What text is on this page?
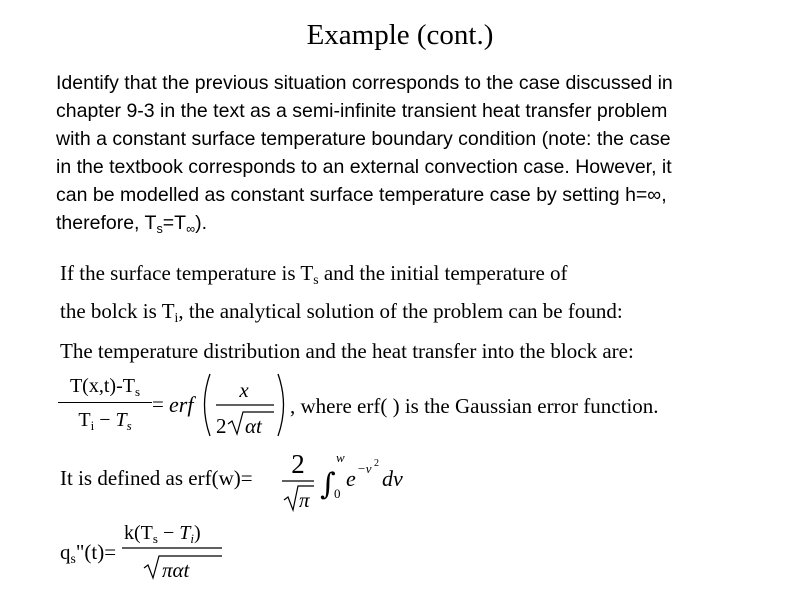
Example (cont.)
Identify that the previous situation corresponds to the case discussed in
chapter 9-3 in the text as a semi-infinite transient heat transfer problem
with a constant surface temperature boundary condition (note: the case
in the textbook corresponds to an external convection case. However, it
can be modelled as constant surface temperature case by setting h=∞,
therefore, $T_s=T_\infty$).
If the surface temperature is $T_s$ and the initial temperature of
the bolck is $T_i$, the analytical solution of the problem can be found:
The temperature distribution and the heat transfer into the block are:
$T(x,t)-T_s$
$T_i - T_s$
= erf
x
2 αt
, where erf( ) is the Gaussian error function.
It is defined as erf(w)= 2
π ∫
w
0
e −v 2
dv
$q_s"(t)=$
$k(T_s - T_i)$
παt
